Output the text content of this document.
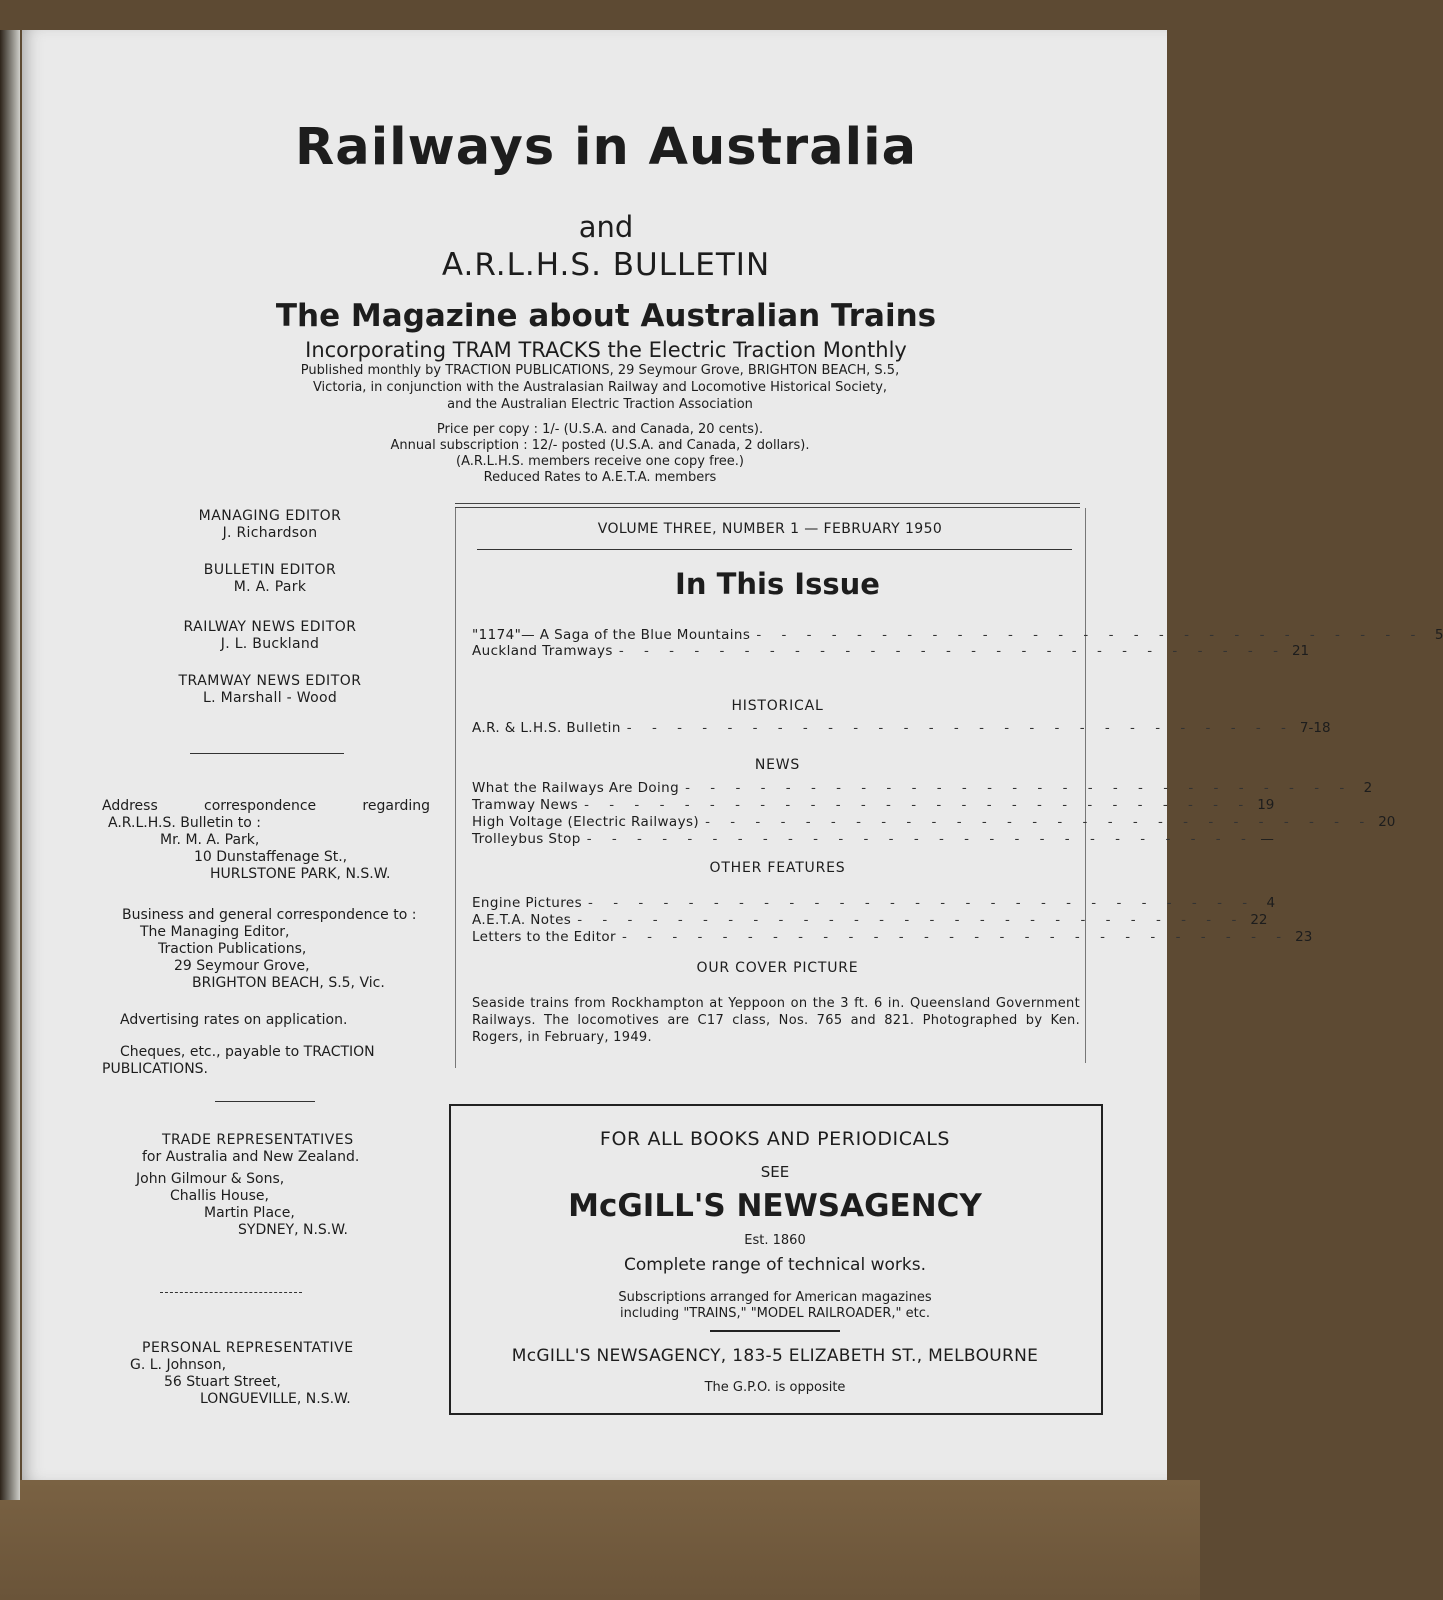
Railways in Australia
and
A.R.L.H.S. BULLETIN
The Magazine about Australian Trains
Incorporating TRAM TRACKS the Electric Traction Monthly
Published monthly by TRACTION PUBLICATIONS, 29 Seymour Grove, BRIGHTON BEACH, S.5,
Victoria, in conjunction with the Australasian Railway and Locomotive Historical Society,
and the Australian Electric Traction Association
Price per copy : 1/- (U.S.A. and Canada, 20 cents).
Annual subscription : 12/- posted (U.S.A. and Canada, 2 dollars).
(A.R.L.H.S. members receive one copy free.)
Reduced Rates to A.E.T.A. members
MANAGING EDITOR
J. Richardson
BULLETIN EDITOR
M. A. Park
RAILWAY NEWS EDITOR
J. L. Buckland
TRAMWAY NEWS EDITOR
L. Marshall - Wood
Address correspondence regarding
A.R.L.H.S. Bulletin to :
Mr. M. A. Park,
10 Dunstaffenage St.,
HURLSTONE PARK, N.S.W.
Business and general correspondence to :
The Managing Editor,
Traction Publications,
29 Seymour Grove,
BRIGHTON BEACH, S.5, Vic.
Advertising rates on application.
Cheques, etc., payable to TRACTION PUBLICATIONS.
TRADE REPRESENTATIVES
for Australia and New Zealand.
John Gilmour & Sons,
Challis House,
Martin Place,
SYDNEY, N.S.W.
PERSONAL REPRESENTATIVE
G. L. Johnson,
56 Stuart Street,
LONGUEVILLE, N.S.W.
VOLUME THREE, NUMBER 1 — FEBRUARY 1950
In This Issue
"1174"— A Saga of the Blue Mountains - - - - - - - - - - - - - - - - - - - - - - - - - - - 5
Auckland Tramways - - - - - - - - - - - - - - - - - - - - - - - - - - - 21
HISTORICAL
A.R. & L.H.S. Bulletin - - - - - - - - - - - - - - - - - - - - - - - - - - - 7-18
NEWS
What the Railways Are Doing - - - - - - - - - - - - - - - - - - - - - - - - - - - 2
Tramway News - - - - - - - - - - - - - - - - - - - - - - - - - - - 19
High Voltage (Electric Railways) - - - - - - - - - - - - - - - - - - - - - - - - - - - 20
Trolleybus Stop - - - - - - - - - - - - - - - - - - - - - - - - - - - —
OTHER FEATURES
Engine Pictures - - - - - - - - - - - - - - - - - - - - - - - - - - - 4
A.E.T.A. Notes - - - - - - - - - - - - - - - - - - - - - - - - - - - 22
Letters to the Editor - - - - - - - - - - - - - - - - - - - - - - - - - - - 23
OUR COVER PICTURE
Seaside trains from Rockhampton at Yeppoon on the 3 ft. 6 in. Queensland Government Railways. The locomotives are C17 class, Nos. 765 and 821. Photographed by Ken. Rogers, in February, 1949.
FOR ALL BOOKS AND PERIODICALS
SEE
McGILL'S NEWSAGENCY
Est. 1860
Complete range of technical works.
Subscriptions arranged for American magazines
including "TRAINS," "MODEL RAILROADER," etc.
McGILL'S NEWSAGENCY, 183-5 ELIZABETH ST., MELBOURNE
The G.P.O. is opposite
